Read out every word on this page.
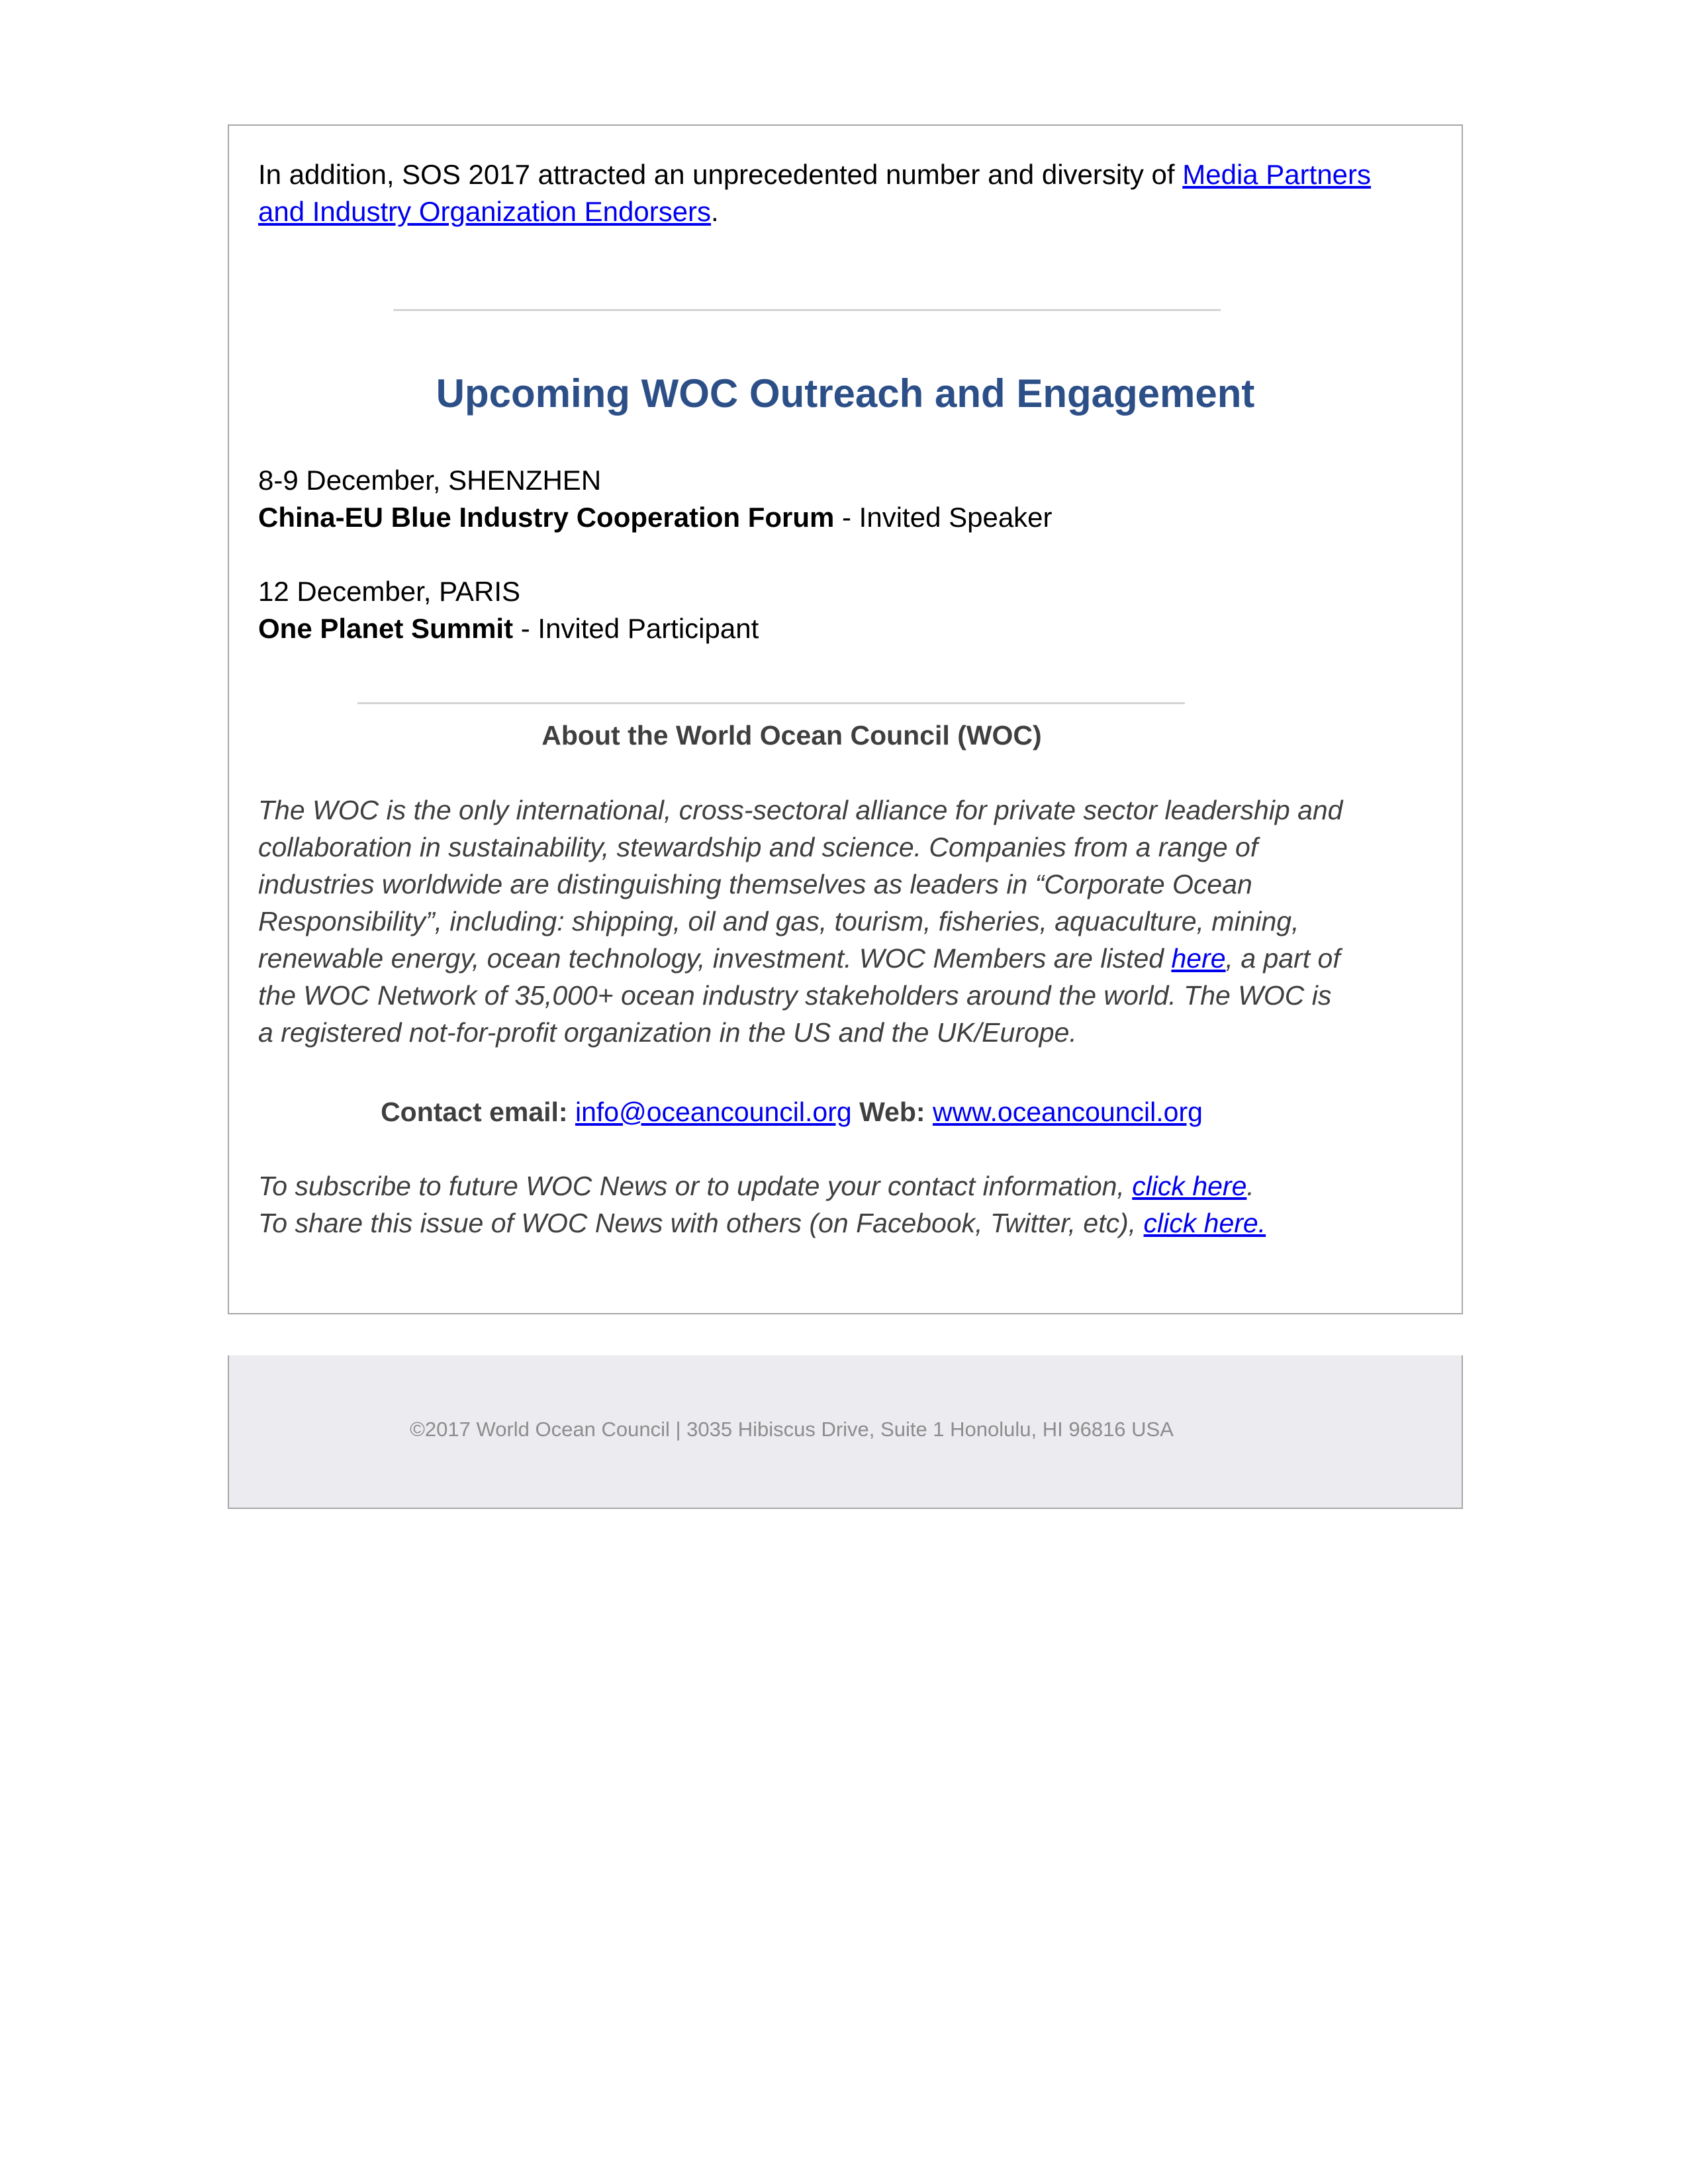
In addition, SOS 2017 attracted an unprecedented number and diversity of Media Partners and Industry Organization Endorsers.

Upcoming WOC Outreach and Engagement

8-9 December, SHENZHEN
China-EU Blue Industry Cooperation Forum - Invited Speaker

12 December, PARIS
One Planet Summit - Invited Participant

About the World Ocean Council (WOC)

The WOC is the only international, cross-sectoral alliance for private sector leadership and collaboration in sustainability, stewardship and science. Companies from a range of industries worldwide are distinguishing themselves as leaders in “Corporate Ocean Responsibility”, including: shipping, oil and gas, tourism, fisheries, aquaculture, mining, renewable energy, ocean technology, investment. WOC Members are listed here, a part of the WOC Network of 35,000+ ocean industry stakeholders around the world. The WOC is a registered not-for-profit organization in the US and the UK/Europe.

Contact email: info@oceancouncil.org Web: www.oceancouncil.org

To subscribe to future WOC News or to update your contact information, click here.
To share this issue of WOC News with others (on Facebook, Twitter, etc), click here.

©2017 World Ocean Council | 3035 Hibiscus Drive, Suite 1 Honolulu, HI 96816 USA
